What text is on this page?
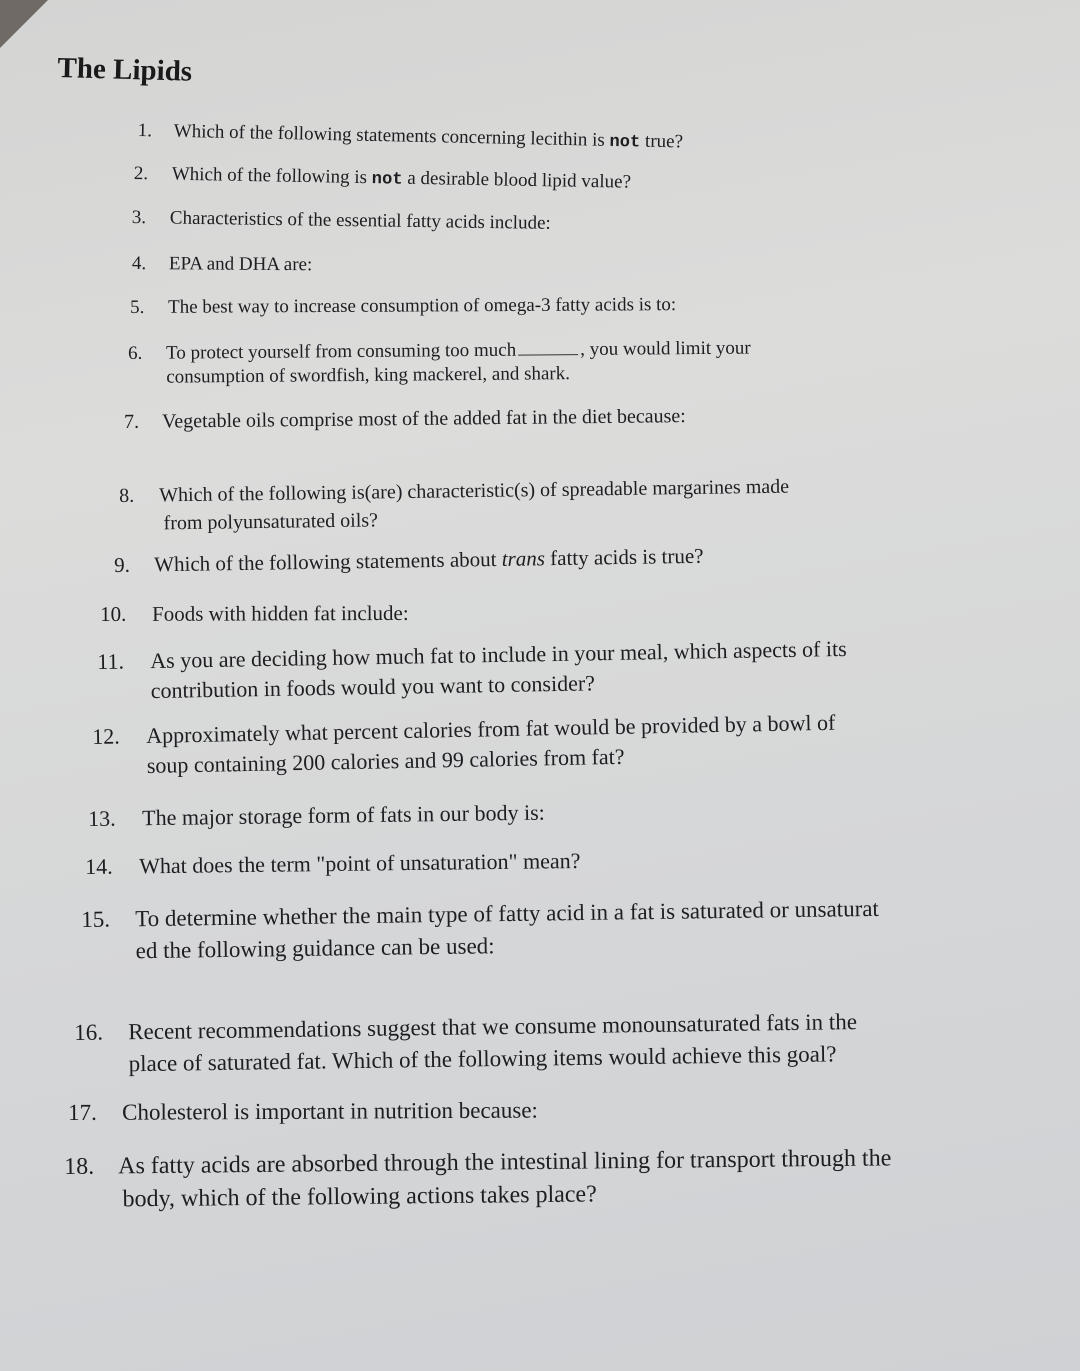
The Lipids
1. Which of the following statements concerning lecithin is not true?
2. Which of the following is not a desirable blood lipid value?
3. Characteristics of the essential fatty acids include:
4. EPA and DHA are:
5. The best way to increase consumption of omega-3 fatty acids is to:
6. To protect yourself from consuming too much	, you would limit your
consumption of swordfish, king mackerel, and shark.
7. Vegetable oils comprise most of the added fat in the diet because:
8. Which of the following is(are) characteristic(s) of spreadable margarines made
from polyunsaturated oils?
9. Which of the following statements about trans fatty acids is true?
10. Foods with hidden fat include:
11. As you are deciding how much fat to include in your meal, which aspects of its
contribution in foods would you want to consider?
12. Approximately what percent calories from fat would be provided by a bowl of
soup containing 200 calories and 99 calories from fat?
13. The major storage form of fats in our body is:
14. What does the term "point of unsaturation" mean?
15. To determine whether the main type of fatty acid in a fat is saturated or unsaturat
ed the following guidance can be used:
16. Recent recommendations suggest that we consume monounsaturated fats in the
place of saturated fat. Which of the following items would achieve this goal?
17. Cholesterol is important in nutrition because:
18. As fatty acids are absorbed through the intestinal lining for transport through the
body, which of the following actions takes place?
